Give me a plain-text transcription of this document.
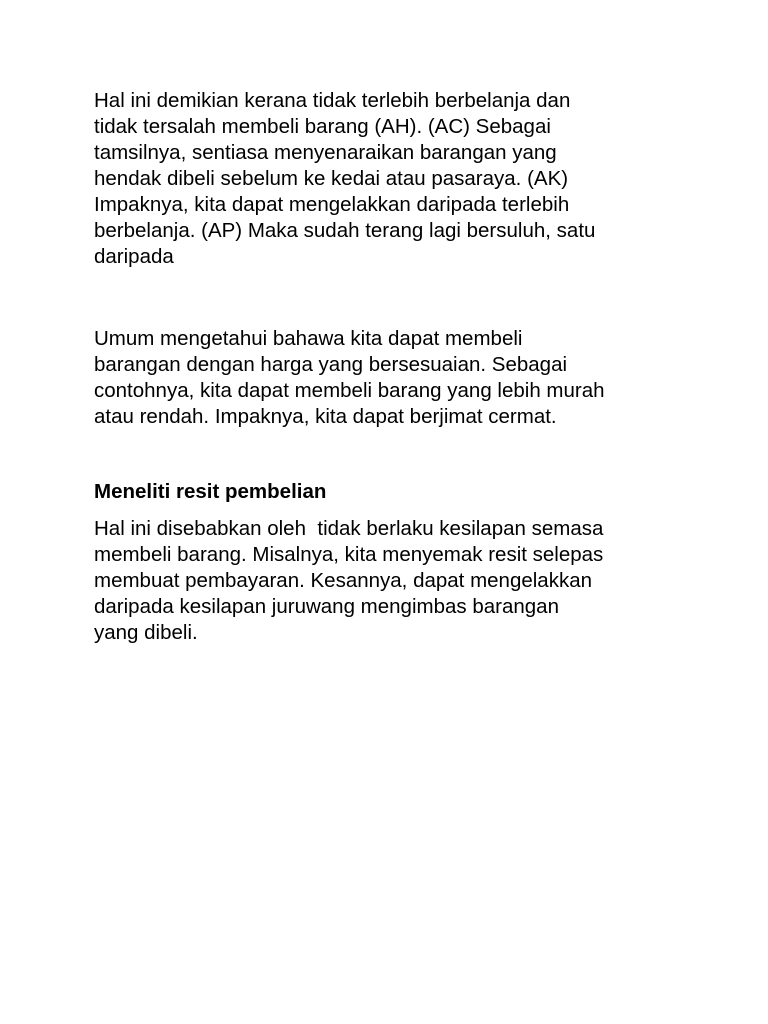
Hal ini demikian kerana tidak terlebih berbelanja dan
tidak tersalah membeli barang (AH). (AC) Sebagai
tamsilnya, sentiasa menyenaraikan barangan yang
hendak dibeli sebelum ke kedai atau pasaraya. (AK)
Impaknya, kita dapat mengelakkan daripada terlebih
berbelanja. (AP) Maka sudah terang lagi bersuluh, satu
daripada

Umum mengetahui bahawa kita dapat membeli
barangan dengan harga yang bersesuaian. Sebagai
contohnya, kita dapat membeli barang yang lebih murah
atau rendah. Impaknya, kita dapat berjimat cermat.

Meneliti resit pembelian

Hal ini disebabkan oleh  tidak berlaku kesilapan semasa
membeli barang. Misalnya, kita menyemak resit selepas
membuat pembayaran. Kesannya, dapat mengelakkan
daripada kesilapan juruwang mengimbas barangan
yang dibeli.
